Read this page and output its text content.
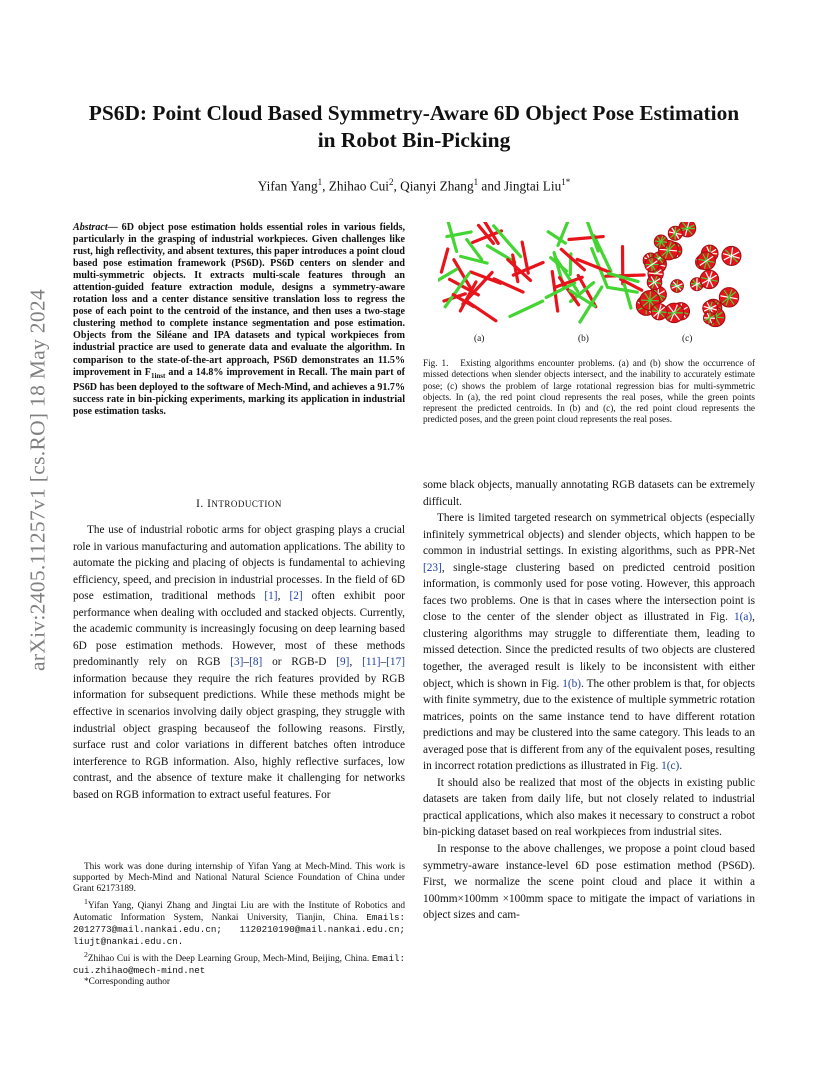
arXiv:2405.11257v1 [cs.RO] 18 May 2024
PS6D: Point Cloud Based Symmetry-Aware 6D Object Pose Estimation
in Robot Bin-Picking
Yifan Yang$^1$, Zhihao Cui$^2$, Qianyi Zhang$^1$ and Jingtai Liu$^{1*}$
Abstract— 6D object pose estimation holds essential roles in various fields, particularly in the grasping of industrial workpieces. Given challenges like rust, high reflectivity, and absent textures, this paper introduces a point cloud based pose estimation framework (PS6D). PS6D centers on slender and multi-symmetric objects. It extracts multi-scale features through an attention-guided feature extraction module, designs a symmetry-aware rotation loss and a center distance sensitive translation loss to regress the pose of each point to the centroid of the instance, and then uses a two-stage clustering method to complete instance segmentation and pose estimation. Objects from the Siléane and IPA datasets and typical workpieces from industrial practice are used to generate data and evaluate the algorithm. In comparison to the state-of-the-art approach, PS6D demonstrates an 11.5% improvement in $F_{1inst}$ and a 14.8% improvement in Recall. The main part of PS6D has been deployed to the software of Mech-Mind, and achieves a 91.7% success rate in bin-picking experiments, marking its application in industrial pose estimation tasks.
I. INTRODUCTION

The use of industrial robotic arms for object grasping plays a crucial role in various manufacturing and automation applications. The ability to automate the picking and placing of objects is fundamental to achieving efficiency, speed, and precision in industrial processes. In the field of 6D pose estimation, traditional methods [1], [2] often exhibit poor performance when dealing with occluded and stacked objects. Currently, the academic community is increasingly focusing on deep learning based 6D pose estimation methods. However, most of these methods predominantly rely on RGB [3]–[8] or RGB-D [9], [11]–[17] information because they require the rich features provided by RGB information for subsequent predictions. While these methods might be effective in scenarios involving daily object grasping, they struggle with industrial object grasping becauseof the following reasons. Firstly, surface rust and color variations in different batches often introduce interference to RGB information. Also, highly reflective surfaces, low contrast, and the absence of texture make it challenging for networks based on RGB information to extract useful features. For

This work was done during internship of Yifan Yang at Mech-Mind. This work is supported by Mech-Mind and National Natural Science Foundation of China under Grant 62173189.

$^1$Yifan Yang, Qianyi Zhang and Jingtai Liu are with the Institute of Robotics and Automatic Information System, Nankai University, Tianjin, China. Emails: 2012773@mail.nankai.edu.cn; 1120210190@mail.nankai.edu.cn; liujt@nankai.edu.cn.

$^2$Zhihao Cui is with the Deep Learning Group, Mech-Mind, Beijing, China. Email: cui.zhihao@mech-mind.net

*Corresponding author

(a)	(b)	(c)
Fig. 1. Existing algorithms encounter problems. (a) and (b) show the occurrence of missed detections when slender objects intersect, and the inability to accurately estimate pose; (c) shows the problem of large rotational regression bias for multi-symmetric objects. In (a), the red point cloud represents the real poses, while the green points represent the predicted centroids. In (b) and (c), the red point cloud represents the predicted poses, and the green point cloud represents the real poses.

some black objects, manually annotating RGB datasets can be extremely difficult.

There is limited targeted research on symmetrical objects (especially infinitely symmetrical objects) and slender objects, which happen to be common in industrial settings. In existing algorithms, such as PPR-Net [23], single-stage clustering based on predicted centroid position information, is commonly used for pose voting. However, this approach faces two problems. One is that in cases where the intersection point is close to the center of the slender object as illustrated in Fig. 1(a), clustering algorithms may struggle to differentiate them, leading to missed detection. Since the predicted results of two objects are clustered together, the averaged result is likely to be inconsistent with either object, which is shown in Fig. 1(b). The other problem is that, for objects with finite symmetry, due to the existence of multiple symmetric rotation matrices, points on the same instance tend to have different rotation predictions and may be clustered into the same category. This leads to an averaged pose that is different from any of the equivalent poses, resulting in incorrect rotation predictions as illustrated in Fig. 1(c).

It should also be realized that most of the objects in existing public datasets are taken from daily life, but not closely related to industrial practical applications, which also makes it necessary to construct a robot bin-picking dataset based on real workpieces from industrial sites.

In response to the above challenges, we propose a point cloud based symmetry-aware instance-level 6D pose estimation method (PS6D). First, we normalize the scene point cloud and place it within a 100mm×100mm ×100mm space to mitigate the impact of variations in object sizes and cam-
